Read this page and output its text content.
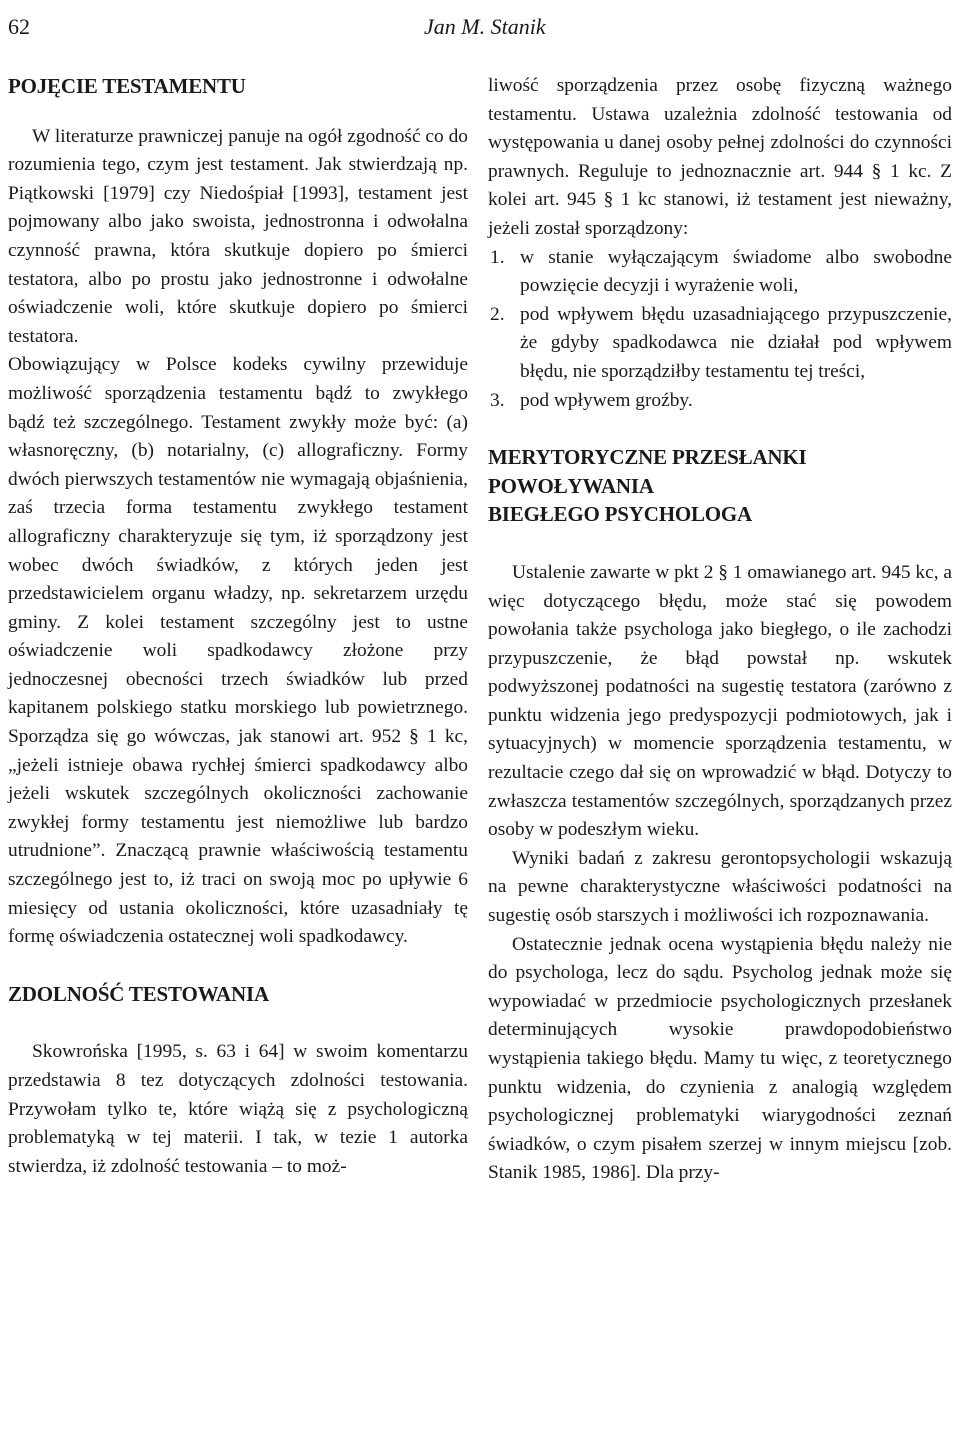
62	Jan M. Stanik
POJĘCIE TESTAMENTU

W literaturze prawniczej panuje na ogół zgodność co do rozumienia tego, czym jest testament. Jak stwierdzają np. Piątkowski [1979] czy Niedośpiał [1993], testament jest pojmowany albo jako swoista, jednostronna i odwołalna czynność prawna, która skutkuje dopiero po śmierci testatora, albo po prostu jako jednostronne i odwołalne oświadczenie woli, które skutkuje dopiero po śmierci testatora.

Obowiązujący w Polsce kodeks cywilny przewiduje możliwość sporządzenia testamentu bądź to zwykłego bądź też szczególnego. Testament zwykły może być: (a) własnoręczny, (b) notarialny, (c) allograficzny. Formy dwóch pierwszych testamentów nie wymagają objaśnienia, zaś trzecia forma testamentu zwykłego testament allograficzny charakteryzuje się tym, iż sporządzony jest wobec dwóch świadków, z których jeden jest przedstawicielem organu władzy, np. sekretarzem urzędu gminy. Z kolei testament szczególny jest to ustne oświadczenie woli spadkodawcy złożone przy jednoczesnej obecności trzech świadków lub przed kapitanem polskiego statku morskiego lub powietrznego. Sporządza się go wówczas, jak stanowi art. 952 § 1 kc, „jeżeli istnieje obawa rychłej śmierci spadkodawcy albo jeżeli wskutek szczególnych okoliczności zachowanie zwykłej formy testamentu jest niemożliwe lub bardzo utrudnione”. Znaczącą prawnie właściwością testamentu szczególnego jest to, iż traci on swoją moc po upływie 6 miesięcy od ustania okoliczności, które uzasadniały tę formę oświadczenia ostatecznej woli spadkodawcy.

ZDOLNOŚĆ TESTOWANIA

Skowrońska [1995, s. 63 i 64] w swoim komentarzu przedstawia 8 tez dotyczących zdolności testowania. Przywołam tylko te, które wiążą się z psychologiczną problematyką w tej materii. I tak, w tezie 1 autorka stwierdza, iż zdolność testowania – to moż-

liwość sporządzenia przez osobę fizyczną ważnego testamentu. Ustawa uzależnia zdolność testowania od występowania u danej osoby pełnej zdolności do czynności prawnych. Reguluje to jednoznacznie art. 944 § 1 kc. Z kolei art. 945 § 1 kc stanowi, iż testament jest nieważny, jeżeli został sporządzony:

1. w stanie wyłączającym świadome albo swobodne powzięcie decyzji i wyrażenie woli,
2. pod wpływem błędu uzasadniającego przypuszczenie, że gdyby spadkodawca nie działał pod wpływem błędu, nie sporządziłby testamentu tej treści,
3. pod wpływem groźby.
MERYTORYCZNE PRZESŁANKI
POWOŁYWANIA
BIEGŁEGO PSYCHOLOGA

Ustalenie zawarte w pkt 2 § 1 omawianego art. 945 kc, a więc dotyczącego błędu, może stać się powodem powołania także psychologa jako biegłego, o ile zachodzi przypuszczenie, że błąd powstał np. wskutek podwyższonej podatności na sugestię testatora (zarówno z punktu widzenia jego predyspozycji podmiotowych, jak i sytuacyjnych) w momencie sporządzenia testamentu, w rezultacie czego dał się on wprowadzić w błąd. Dotyczy to zwłaszcza testamentów szczególnych, sporządzanych przez osoby w podeszłym wieku.

Wyniki badań z zakresu gerontopsychologii wskazują na pewne charakterystyczne właściwości podatności na sugestię osób starszych i możliwości ich rozpoznawania.

Ostatecznie jednak ocena wystąpienia błędu należy nie do psychologa, lecz do sądu. Psycholog jednak może się wypowiadać w przedmiocie psychologicznych przesłanek determinujących wysokie prawdopodobieństwo wystąpienia takiego błędu. Mamy tu więc, z teoretycznego punktu widzenia, do czynienia z analogią względem psychologicznej problematyki wiarygodności zeznań świadków, o czym pisałem szerzej w innym miejscu [zob. Stanik 1985, 1986]. Dla przy-
